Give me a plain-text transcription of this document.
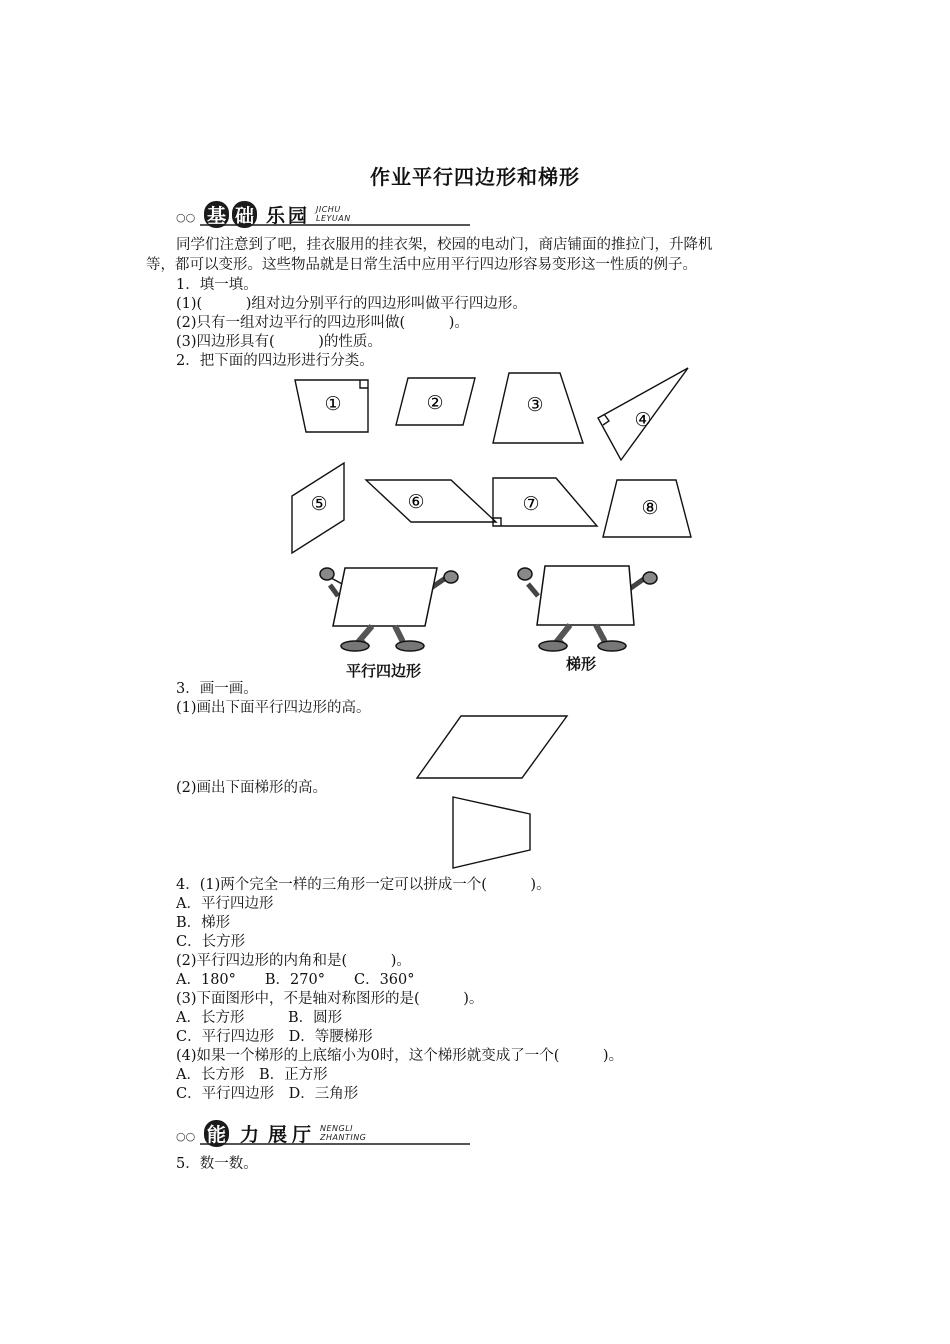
作业平行四边形和梯形
○○ 基 础 乐 园 JICHU
LEYUAN
同学们注意到了吧，挂衣服用的挂衣架，校园的电动门，商店铺面的推拉门，升降机
等，都可以变形。这些物品就是日常生活中应用平行四边形容易变形这一性质的例子。
1．填一填。
(1)(　　　)组对边分别平行的四边形叫做平行四边形。
(2)只有一组对边平行的四边形叫做(　　　)。
(3)四边形具有(　　　)的性质。
2．把下面的四边形进行分类。
①	②	③
④
⑤	⑥	⑦	⑧
平行四边形	梯形
3．画一画。
(1)画出下面平行四边形的高。
(2)画出下面梯形的高。
4．(1)两个完全一样的三角形一定可以拼成一个(　　　)。
A．平行四边形
B．梯形
C．长方形
(2)平行四边形的内角和是(　　　)。
A．180°　　B．270°　　C．360°
(3)下面图形中，不是轴对称图形的是(　　　)。
A．长方形　　　B．圆形
C．平行四边形　D．等腰梯形
(4)如果一个梯形的上底缩小为0时，这个梯形就变成了一个(　　　)。
A．长方形　B．正方形
C．平行四边形　D．三角形
○○ 能 力 展 厅 NENGLI
ZHANTING
5．数一数。
